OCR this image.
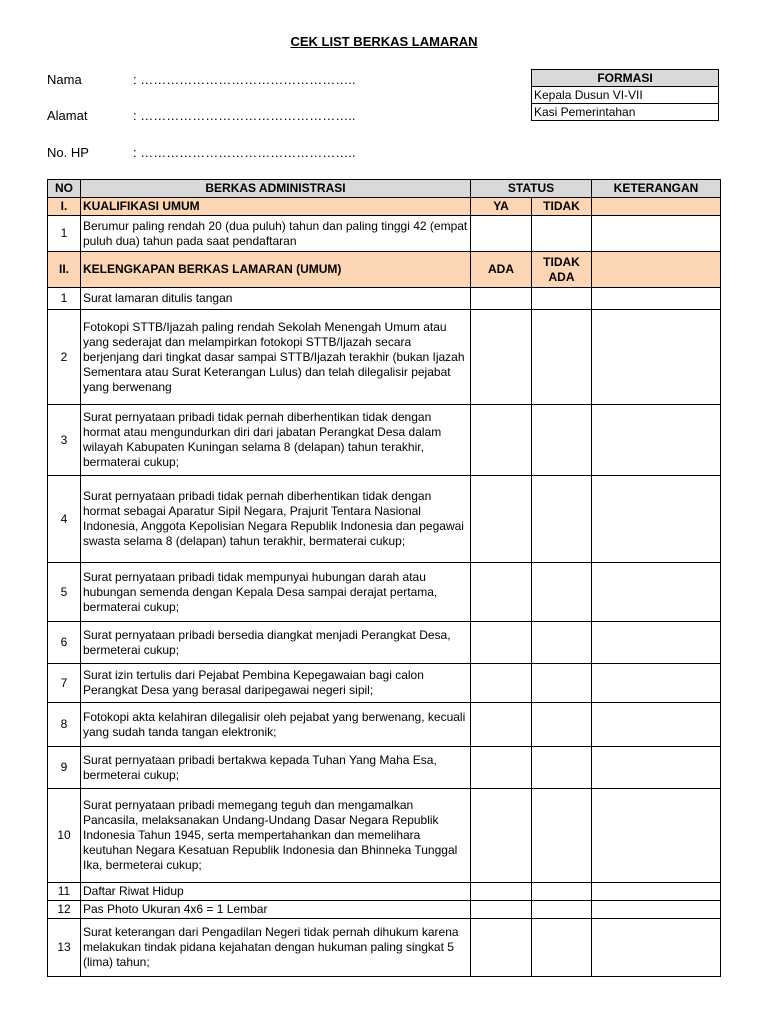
CEK LIST BERKAS LAMARAN
Nama	: …………………………………………..
Alamat	: …………………………………………..
No. HP	: …………………………………………..
FORMASI
Kepala Dusun VI-VII
Kasi Pemerintahan
NO	BERKAS ADMINISTRASI	STATUS		KETERANGAN
I.	KUALIFIKASI UMUM	YA	TIDAK	
1	Berumur paling rendah 20 (dua puluh) tahun dan paling tinggi 42 (empat puluh dua) tahun pada saat pendaftaran			
II.	KELENGKAPAN BERKAS LAMARAN (UMUM)	ADA	TIDAK ADA	
1	Surat lamaran ditulis tangan			
2	Fotokopi STTB/Ijazah paling rendah Sekolah Menengah Umum atau yang sederajat dan melampirkan fotokopi STTB/Ijazah secara berjenjang dari tingkat dasar sampai STTB/Ijazah terakhir (bukan Ijazah Sementara atau Surat Keterangan Lulus) dan telah dilegalisir pejabat yang berwenang			
3	Surat pernyataan pribadi tidak pernah diberhentikan tidak dengan hormat atau mengundurkan diri dari jabatan Perangkat Desa dalam wilayah Kabupaten Kuningan selama 8 (delapan) tahun terakhir, bermaterai cukup;			
4	Surat pernyataan pribadi tidak pernah diberhentikan tidak dengan hormat sebagai Aparatur Sipil Negara, Prajurit Tentara Nasional Indonesia, Anggota Kepolisian Negara Republik Indonesia dan pegawai swasta selama 8 (delapan) tahun terakhir, bermaterai cukup;			
5	Surat pernyataan pribadi tidak mempunyai hubungan darah atau hubungan semenda dengan Kepala Desa sampai derajat pertama, bermaterai cukup;			
6	Surat pernyataan pribadi bersedia diangkat menjadi Perangkat Desa, bermeterai cukup;			
7	Surat izin tertulis dari Pejabat Pembina Kepegawaian bagi calon Perangkat Desa yang berasal daripegawai negeri sipil;			
8	Fotokopi akta kelahiran dilegalisir oleh pejabat yang berwenang, kecuali yang sudah tanda tangan elektronik;			
9	Surat pernyataan pribadi bertakwa kepada Tuhan Yang Maha Esa, bermeterai cukup;			
10	Surat pernyataan pribadi memegang teguh dan mengamalkan Pancasila, melaksanakan Undang-Undang Dasar Negara Republik Indonesia Tahun 1945, serta mempertahankan dan memelihara keutuhan Negara Kesatuan Republik Indonesia dan Bhinneka Tunggal Ika, bermeterai cukup;			
11	Daftar Riwat Hidup			
12	Pas Photo Ukuran 4x6 = 1 Lembar			
13	Surat keterangan dari Pengadilan Negeri tidak pernah dihukum karena melakukan tindak pidana kejahatan dengan hukuman paling singkat 5 (lima) tahun;			
